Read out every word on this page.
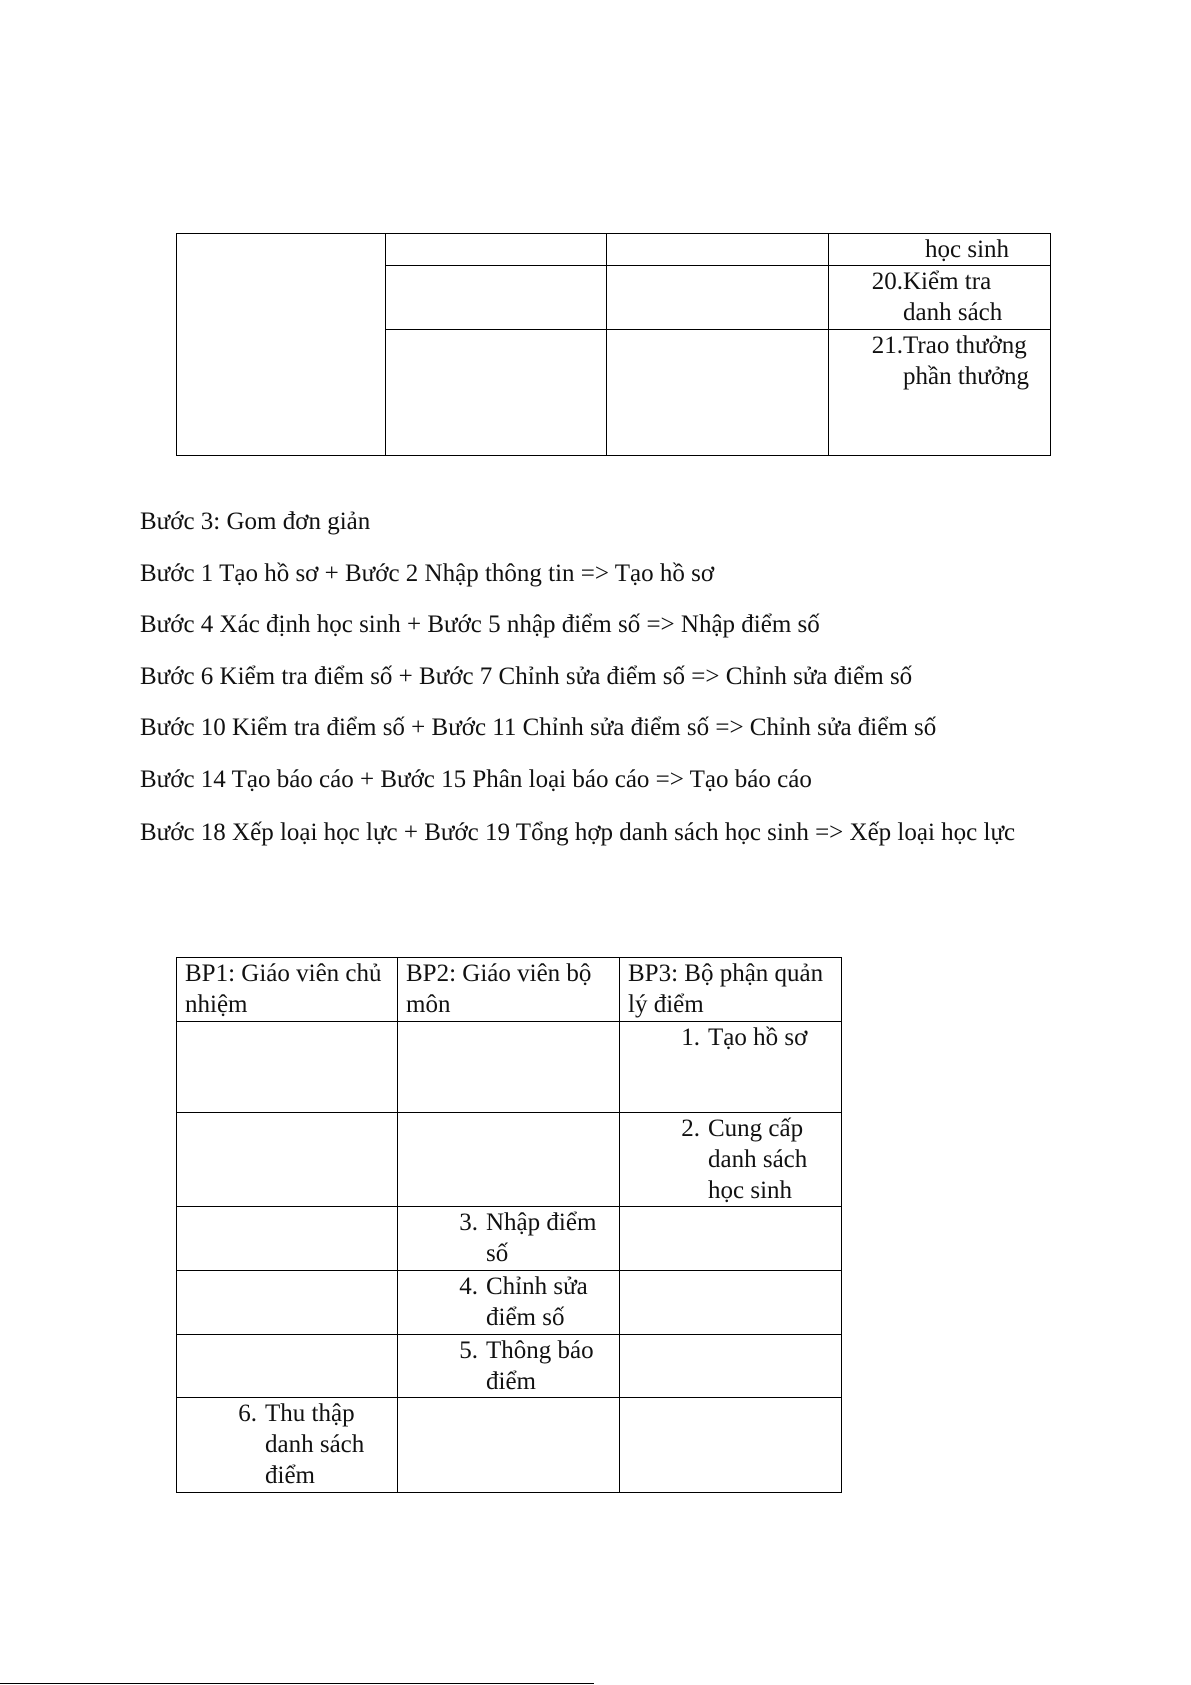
			học sinh

			20. Kiểm tra danh sách

			21. Trao thưởng phần thưởng

Bước 3: Gom đơn giản

Bước 1 Tạo hồ sơ + Bước 2 Nhập thông tin => Tạo hồ sơ

Bước 4 Xác định học sinh + Bước 5 nhập điểm số => Nhập điểm số

Bước 6 Kiểm tra điểm số + Bước 7 Chỉnh sửa điểm số => Chỉnh sửa điểm số

Bước 10 Kiểm tra điểm số + Bước 11 Chỉnh sửa điểm số => Chỉnh sửa điểm số

Bước 14 Tạo báo cáo + Bước 15 Phân loại báo cáo => Tạo báo cáo

Bước 18 Xếp loại học lực + Bước 19 Tổng hợp danh sách học sinh => Xếp loại học lực

BP1: Giáo viên chủ nhiệm	BP2: Giáo viên bộ môn	BP3: Bộ phận quản lý điểm

		1. Tạo hồ sơ

		2. Cung cấp danh sách học sinh

	3. Nhập điểm số	

	4. Chỉnh sửa điểm số	

	5. Thông báo điểm	

6. Thu thập danh sách điểm		
